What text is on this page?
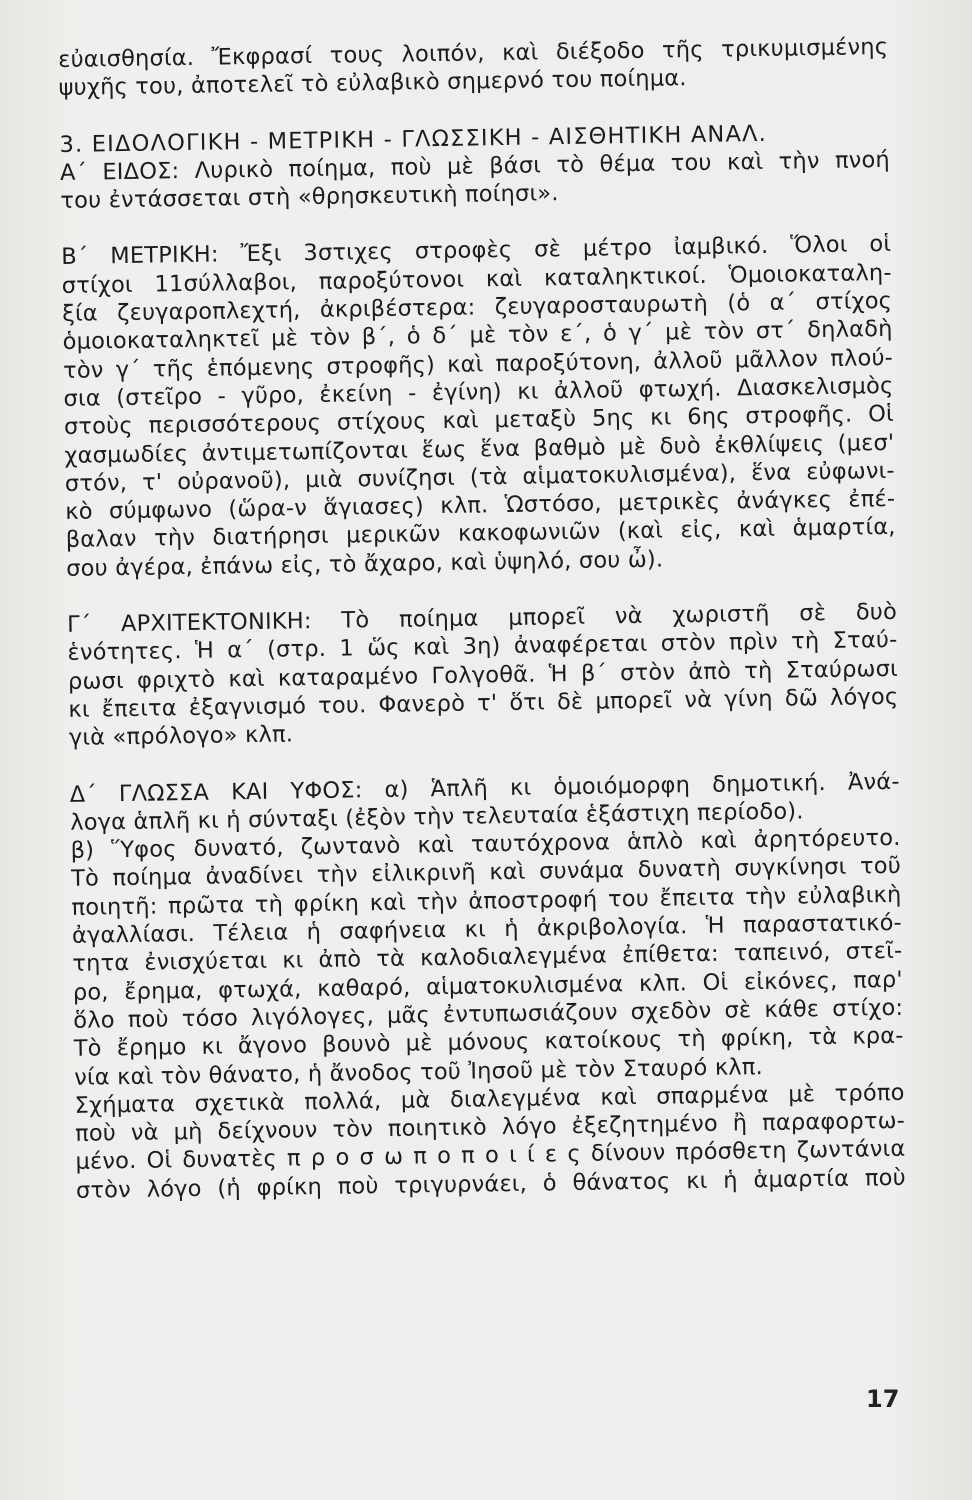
εὐαισθησία. Ἔκφρασί τους λοιπόν, καὶ διέξοδο τῆς τρικυμισμένης
ψυχῆς του, ἀποτελεῖ τὸ εὐλαβικὸ σημερνό του ποίημα.
3. ΕΙΔΟΛΟΓΙΚΗ - ΜΕΤΡΙΚΗ - ΓΛΩΣΣΙΚΗ - ΑΙΣΘΗΤΙΚΗ ΑΝΑΛ.
Α΄ ΕΙΔΟΣ: Λυρικὸ ποίημα, ποὺ μὲ βάσι τὸ θέμα του καὶ τὴν πνοή
του ἐντάσσεται στὴ «θρησκευτικὴ ποίησι».
Β΄ ΜΕΤΡΙΚΗ: Ἔξι 3στιχες στροφὲς σὲ μέτρο ἰαμβικό. Ὅλοι οἱ
στίχοι 11σύλλαβοι, παροξύτονοι καὶ καταληκτικοί. Ὁμοιοκαταλη-
ξία ζευγαροπλεχτή, ἀκριβέστερα: ζευγαροσταυρωτὴ (ὁ α΄ στίχος
ὁμοιοκαταληκτεῖ μὲ τὸν β΄, ὁ δ΄ μὲ τὸν ε΄, ὁ γ΄ μὲ τὸν στ΄ δηλαδὴ
τὸν γ΄ τῆς ἑπόμενης στροφῆς) καὶ παροξύτονη, ἀλλοῦ μᾶλλον πλού-
σια (στεῖρο - γῦρο, ἐκείνη - ἐγίνη) κι ἀλλοῦ φτωχή. Διασκελισμὸς
στοὺς περισσότερους στίχους καὶ μεταξὺ 5ης κι 6ης στροφῆς. Οἱ
χασμωδίες ἀντιμετωπίζονται ἕως ἕνα βαθμὸ μὲ δυὸ ἐκθλίψεις (μεσ'
στόν, τ' οὐρανοῦ), μιὰ συνίζησι (τὰ αἱματοκυλισμένα), ἕνα εὐφωνι-
κὸ σύμφωνο (ὥρα-ν ἅγιασες) κλπ. Ὡστόσο, μετρικὲς ἀνάγκες ἐπέ-
βαλαν τὴν διατήρησι μερικῶν κακοφωνιῶν (καὶ εἰς, καὶ ἁμαρτία,
σου ἀγέρα, ἐπάνω εἰς, τὸ ἄχαρο, καὶ ὑψηλό, σου ὦ).
Γ΄ ΑΡΧΙΤΕΚΤΟΝΙΚΗ: Τὸ ποίημα μπορεῖ νὰ χωριστῆ σὲ δυὸ
ἑνότητες. Ἡ α΄ (στρ. 1 ὥς καὶ 3η) ἀναφέρεται στὸν πρὶν τὴ Σταύ-
ρωσι φριχτὸ καὶ καταραμένο Γολγοθᾶ. Ἡ β΄ στὸν ἀπὸ τὴ Σταύρωσι
κι ἔπειτα ἐξαγνισμό του. Φανερὸ τ' ὅτι δὲ μπορεῖ νὰ γίνη δῶ λόγος
γιὰ «πρόλογο» κλπ.
Δ΄ ΓΛΩΣΣΑ ΚΑΙ ΥΦΟΣ: α) Ἁπλῆ κι ὁμοιόμορφη δημοτική. Ἀνά-
λογα ἁπλῆ κι ἡ σύνταξι (ἐξὸν τὴν τελευταία ἑξάστιχη περίοδο).
β) Ὕφος δυνατό, ζωντανὸ καὶ ταυτόχρονα ἁπλὸ καὶ ἀρητόρευτο.
Τὸ ποίημα ἀναδίνει τὴν εἰλικρινῆ καὶ συνάμα δυνατὴ συγκίνησι τοῦ
ποιητῆ: πρῶτα τὴ φρίκη καὶ τὴν ἀποστροφή του ἔπειτα τὴν εὐλαβικὴ
ἀγαλλίασι. Τέλεια ἡ σαφήνεια κι ἡ ἀκριβολογία. Ἡ παραστατικό-
τητα ἐνισχύεται κι ἀπὸ τὰ καλοδιαλεγμένα ἐπίθετα: ταπεινό, στεῖ-
ρο, ἔρημα, φτωχά, καθαρό, αἱματοκυλισμένα κλπ. Οἱ εἰκόνες, παρ'
ὅλο ποὺ τόσο λιγόλογες, μᾶς ἐντυπωσιάζουν σχεδὸν σὲ κάθε στίχο:
Τὸ ἔρημο κι ἄγονο βουνὸ μὲ μόνους κατοίκους τὴ φρίκη, τὰ κρα-
νία καὶ τὸν θάνατο, ἡ ἄνοδος τοῦ Ἰησοῦ μὲ τὸν Σταυρό κλπ.
Σχήματα σχετικὰ πολλά, μὰ διαλεγμένα καὶ σπαρμένα μὲ τρόπο
ποὺ νὰ μὴ δείχνουν τὸν ποιητικὸ λόγο ἐξεζητημένο ἢ παραφορτω-
μένο. Οἱ δυνατὲς π ρ ο σ ω π ο π ο ι ί ε ς δίνουν πρόσθετη ζωντάνια
στὸν λόγο (ἡ φρίκη ποὺ τριγυρνάει, ὁ θάνατος κι ἡ ἁμαρτία ποὺ
17
